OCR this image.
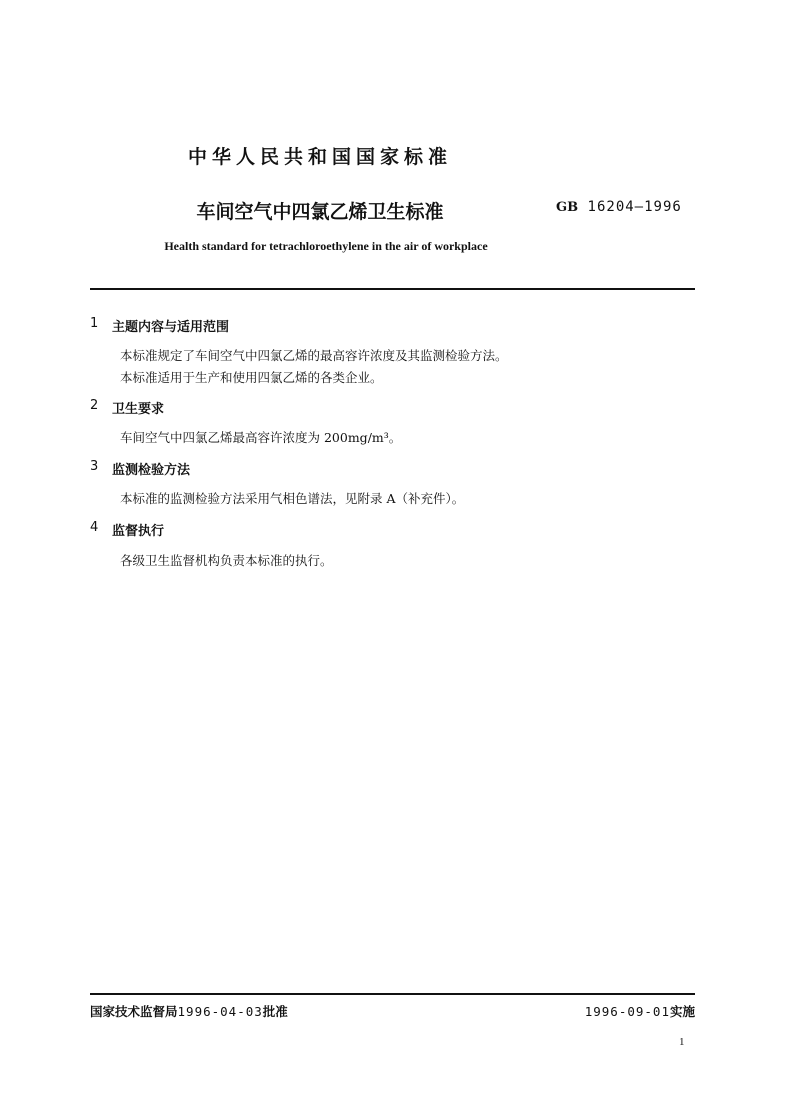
中华人民共和国国家标准
车间空气中四氯乙烯卫生标准	GB 16204—1996
Health standard for tetrachloroethylene in the air of workplace
1 主题内容与适用范围
本标准规定了车间空气中四氯乙烯的最高容许浓度及其监测检验方法。
本标准适用于生产和使用四氯乙烯的各类企业。
2 卫生要求
车间空气中四氯乙烯最高容许浓度为 200mg/m³。
3 监测检验方法
本标准的监测检验方法采用气相色谱法，见附录 A（补充件）。
4 监督执行
各级卫生监督机构负责本标准的执行。
国家技术监督局1996-04-03批准	1996-09-01实施
1
